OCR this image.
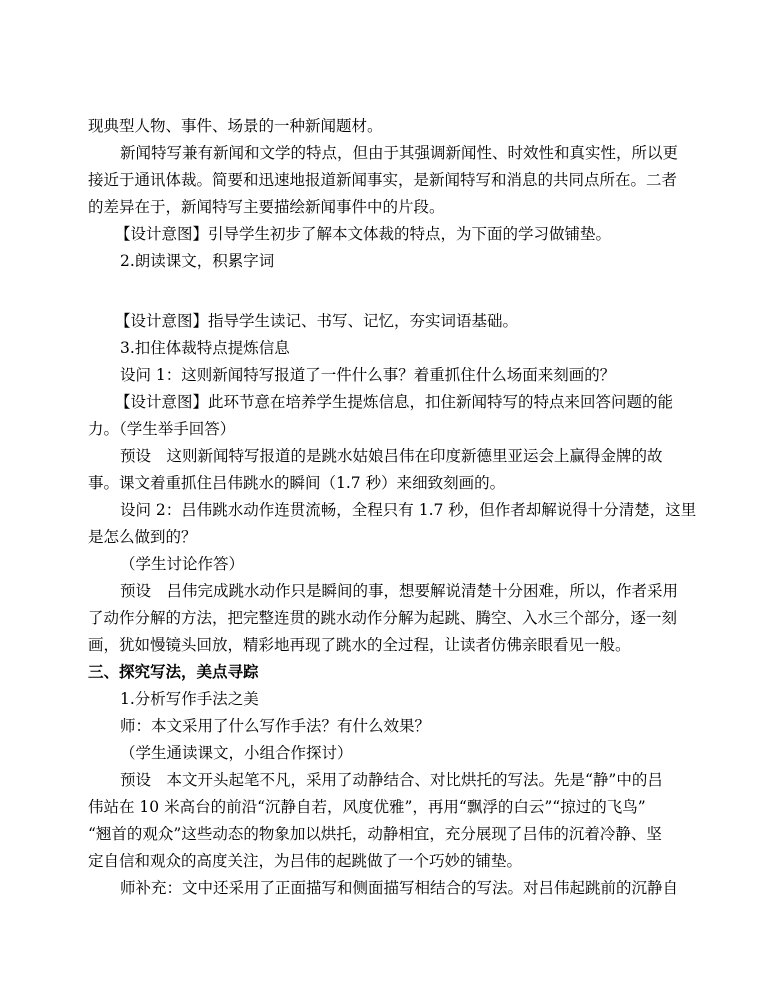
现典型人物、事件、场景的一种新闻题材。
新闻特写兼有新闻和文学的特点，但由于其强调新闻性、时效性和真实性，所以更
接近于通讯体裁。简要和迅速地报道新闻事实，是新闻特写和消息的共同点所在。二者
的差异在于，新闻特写主要描绘新闻事件中的片段。
【设计意图】引导学生初步了解本文体裁的特点，为下面的学习做铺垫。
2.朗读课文，积累字词
【设计意图】指导学生读记、书写、记忆，夯实词语基础。
3.扣住体裁特点提炼信息
设问 1：这则新闻特写报道了一件什么事？着重抓住什么场面来刻画的？
【设计意图】此环节意在培养学生提炼信息，扣住新闻特写的特点来回答问题的能
力。（学生举手回答）
预设　这则新闻特写报道的是跳水姑娘吕伟在印度新德里亚运会上赢得金牌的故
事。课文着重抓住吕伟跳水的瞬间（1.7 秒）来细致刻画的。
设问 2：吕伟跳水动作连贯流畅，全程只有 1.7 秒，但作者却解说得十分清楚，这里
是怎么做到的？
（学生讨论作答）
预设　吕伟完成跳水动作只是瞬间的事，想要解说清楚十分困难，所以，作者采用
了动作分解的方法，把完整连贯的跳水动作分解为起跳、腾空、入水三个部分，逐一刻
画，犹如慢镜头回放，精彩地再现了跳水的全过程，让读者仿佛亲眼看见一般。
三、探究写法，美点寻踪
1.分析写作手法之美
师：本文采用了什么写作手法？有什么效果？
（学生通读课文，小组合作探讨）
预设　本文开头起笔不凡，采用了动静结合、对比烘托的写法。先是“静”中的吕
伟站在 10 米高台的前沿“沉静自若，风度优雅”，再用“飘浮的白云”“掠过的飞鸟”
“翘首的观众”这些动态的物象加以烘托，动静相宜，充分展现了吕伟的沉着冷静、坚
定自信和观众的高度关注，为吕伟的起跳做了一个巧妙的铺垫。
师补充：文中还采用了正面描写和侧面描写相结合的写法。对吕伟起跳前的沉静自
